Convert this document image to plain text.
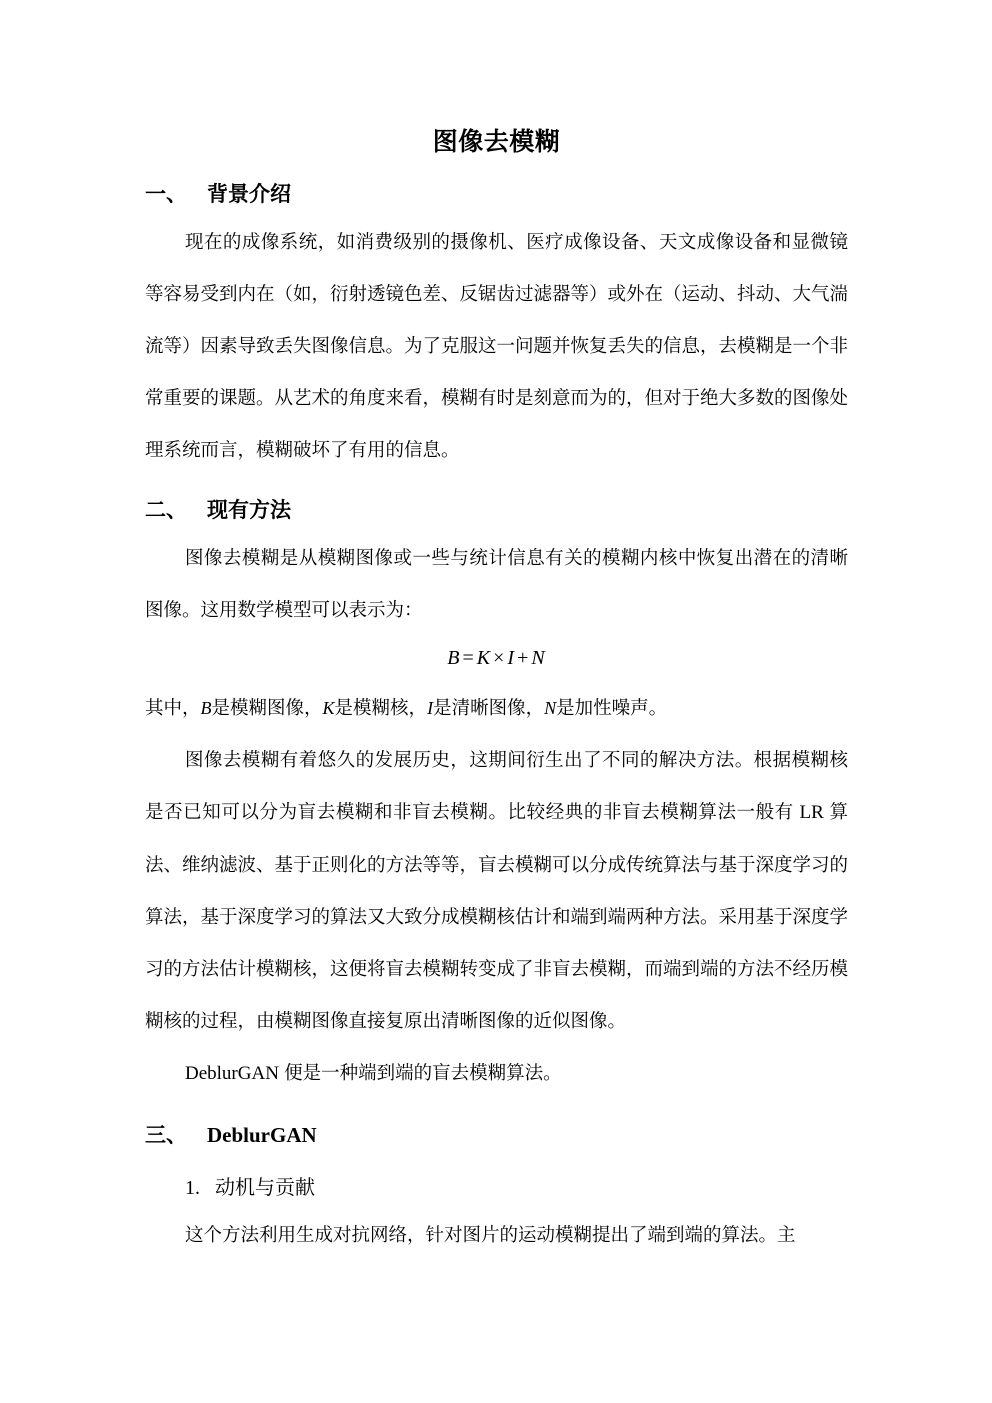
图像去模糊
一、 背景介绍

现在的成像系统，如消费级别的摄像机、医疗成像设备、天文成像设备和显微镜等容易受到内在（如，衍射透镜色差、反锯齿过滤器等）或外在（运动、抖动、大气湍流等）因素导致丢失图像信息。为了克服这一问题并恢复丢失的信息，去模糊是一个非常重要的课题。从艺术的角度来看，模糊有时是刻意而为的，但对于绝大多数的图像处理系统而言，模糊破坏了有用的信息。

二、 现有方法

图像去模糊是从模糊图像或一些与统计信息有关的模糊内核中恢复出潜在的清晰图像。这用数学模型可以表示为：

B = K × I + N

其中，B是模糊图像，K是模糊核，I是清晰图像，N是加性噪声。

图像去模糊有着悠久的发展历史，这期间衍生出了不同的解决方法。根据模糊核是否已知可以分为盲去模糊和非盲去模糊。比较经典的非盲去模糊算法一般有 LR 算法、维纳滤波、基于正则化的方法等等，盲去模糊可以分成传统算法与基于深度学习的算法，基于深度学习的算法又大致分成模糊核估计和端到端两种方法。采用基于深度学习的方法估计模糊核，这便将盲去模糊转变成了非盲去模糊，而端到端的方法不经历模糊核的过程，由模糊图像直接复原出清晰图像的近似图像。

DeblurGAN 便是一种端到端的盲去模糊算法。

三、 DeblurGAN
1. 动机与贡献

这个方法利用生成对抗网络，针对图片的运动模糊提出了端到端的算法。主
